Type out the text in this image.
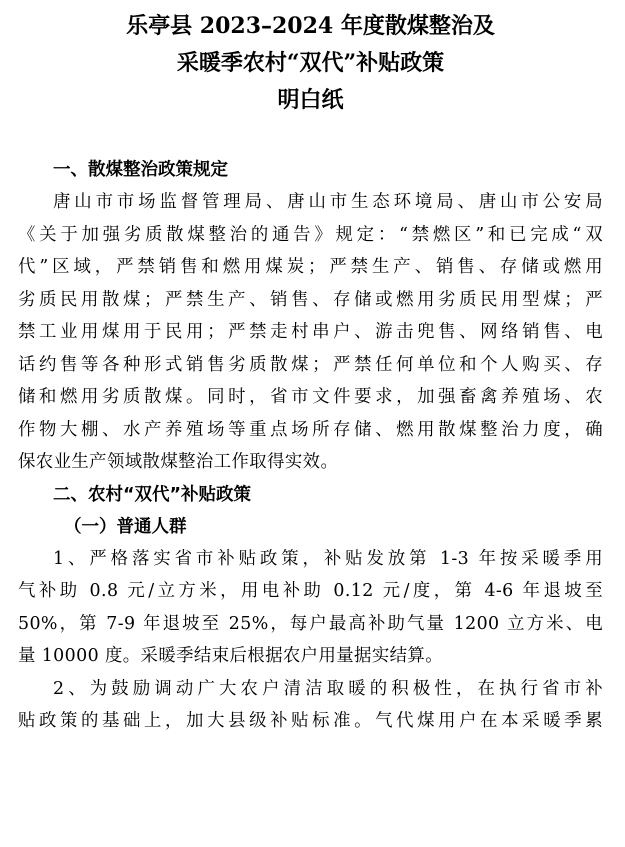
乐亭县 2023–2024 年度散煤整治及
采暖季农村“双代”补贴政策
明白纸
一、散煤整治政策规定
唐山市市场监督管理局、唐山市生态环境局、唐山市公安局
《关于加强劣质散煤整治的通告》规定：“禁燃区”和已完成“双
代”区域，严禁销售和燃用煤炭；严禁生产、销售、存储或燃用
劣质民用散煤；严禁生产、销售、存储或燃用劣质民用型煤；严
禁工业用煤用于民用；严禁走村串户、游击兜售、网络销售、电
话约售等各种形式销售劣质散煤；严禁任何单位和个人购买、存
储和燃用劣质散煤。同时，省市文件要求，加强畜禽养殖场、农
作物大棚、水产养殖场等重点场所存储、燃用散煤整治力度，确
保农业生产领域散煤整治工作取得实效。
二、农村“双代”补贴政策
（一）普通人群
1、严格落实省市补贴政策，补贴发放第 1-3 年按采暖季用
气补助 0.8 元/立方米，用电补助 0.12 元/度，第 4-6 年退坡至
50%，第 7-9 年退坡至 25%，每户最高补助气量 1200 立方米、电
量 10000 度。采暖季结束后根据农户用量据实结算。
2、为鼓励调动广大农户清洁取暖的积极性，在执行省市补
贴政策的基础上，加大县级补贴标准。气代煤用户在本采暖季累
